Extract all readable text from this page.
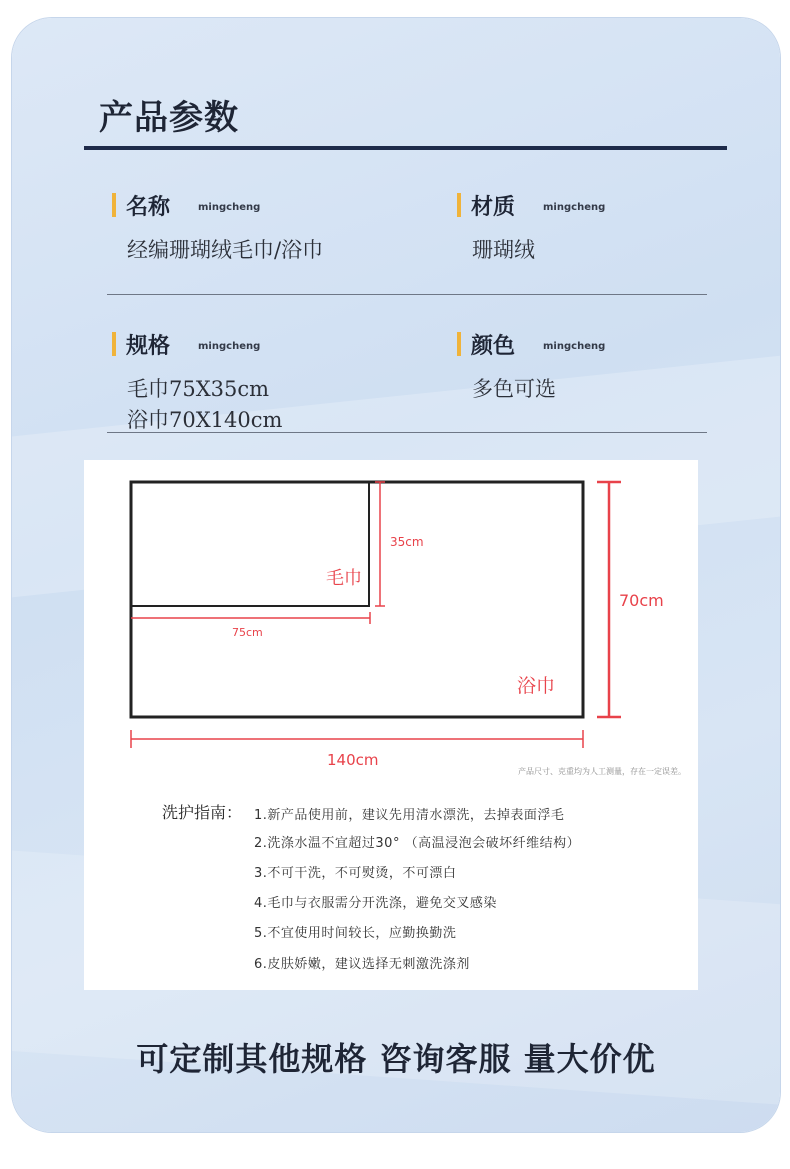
产品参数
名称	mingcheng
经编珊瑚绒毛巾/浴巾
材质	mingcheng
珊瑚绒
规格	mingcheng
毛巾75X35cm
浴巾70X140cm
颜色	mingcheng
多色可选
毛巾
浴巾
35cm
75cm
70cm
140cm
产品尺寸、克重均为人工测量，存在一定误差。
洗护指南： 1.新产品使用前，建议先用清水漂洗，去掉表面浮毛
2.洗涤水温不宜超过30° （高温浸泡会破坏纤维结构）
3.不可干洗，不可熨烫，不可漂白
4.毛巾与衣服需分开洗涤，避免交叉感染
5.不宜使用时间较长，应勤换勤洗
6.皮肤娇嫩，建议选择无刺激洗涤剂
可定制其他规格 咨询客服 量大价优
